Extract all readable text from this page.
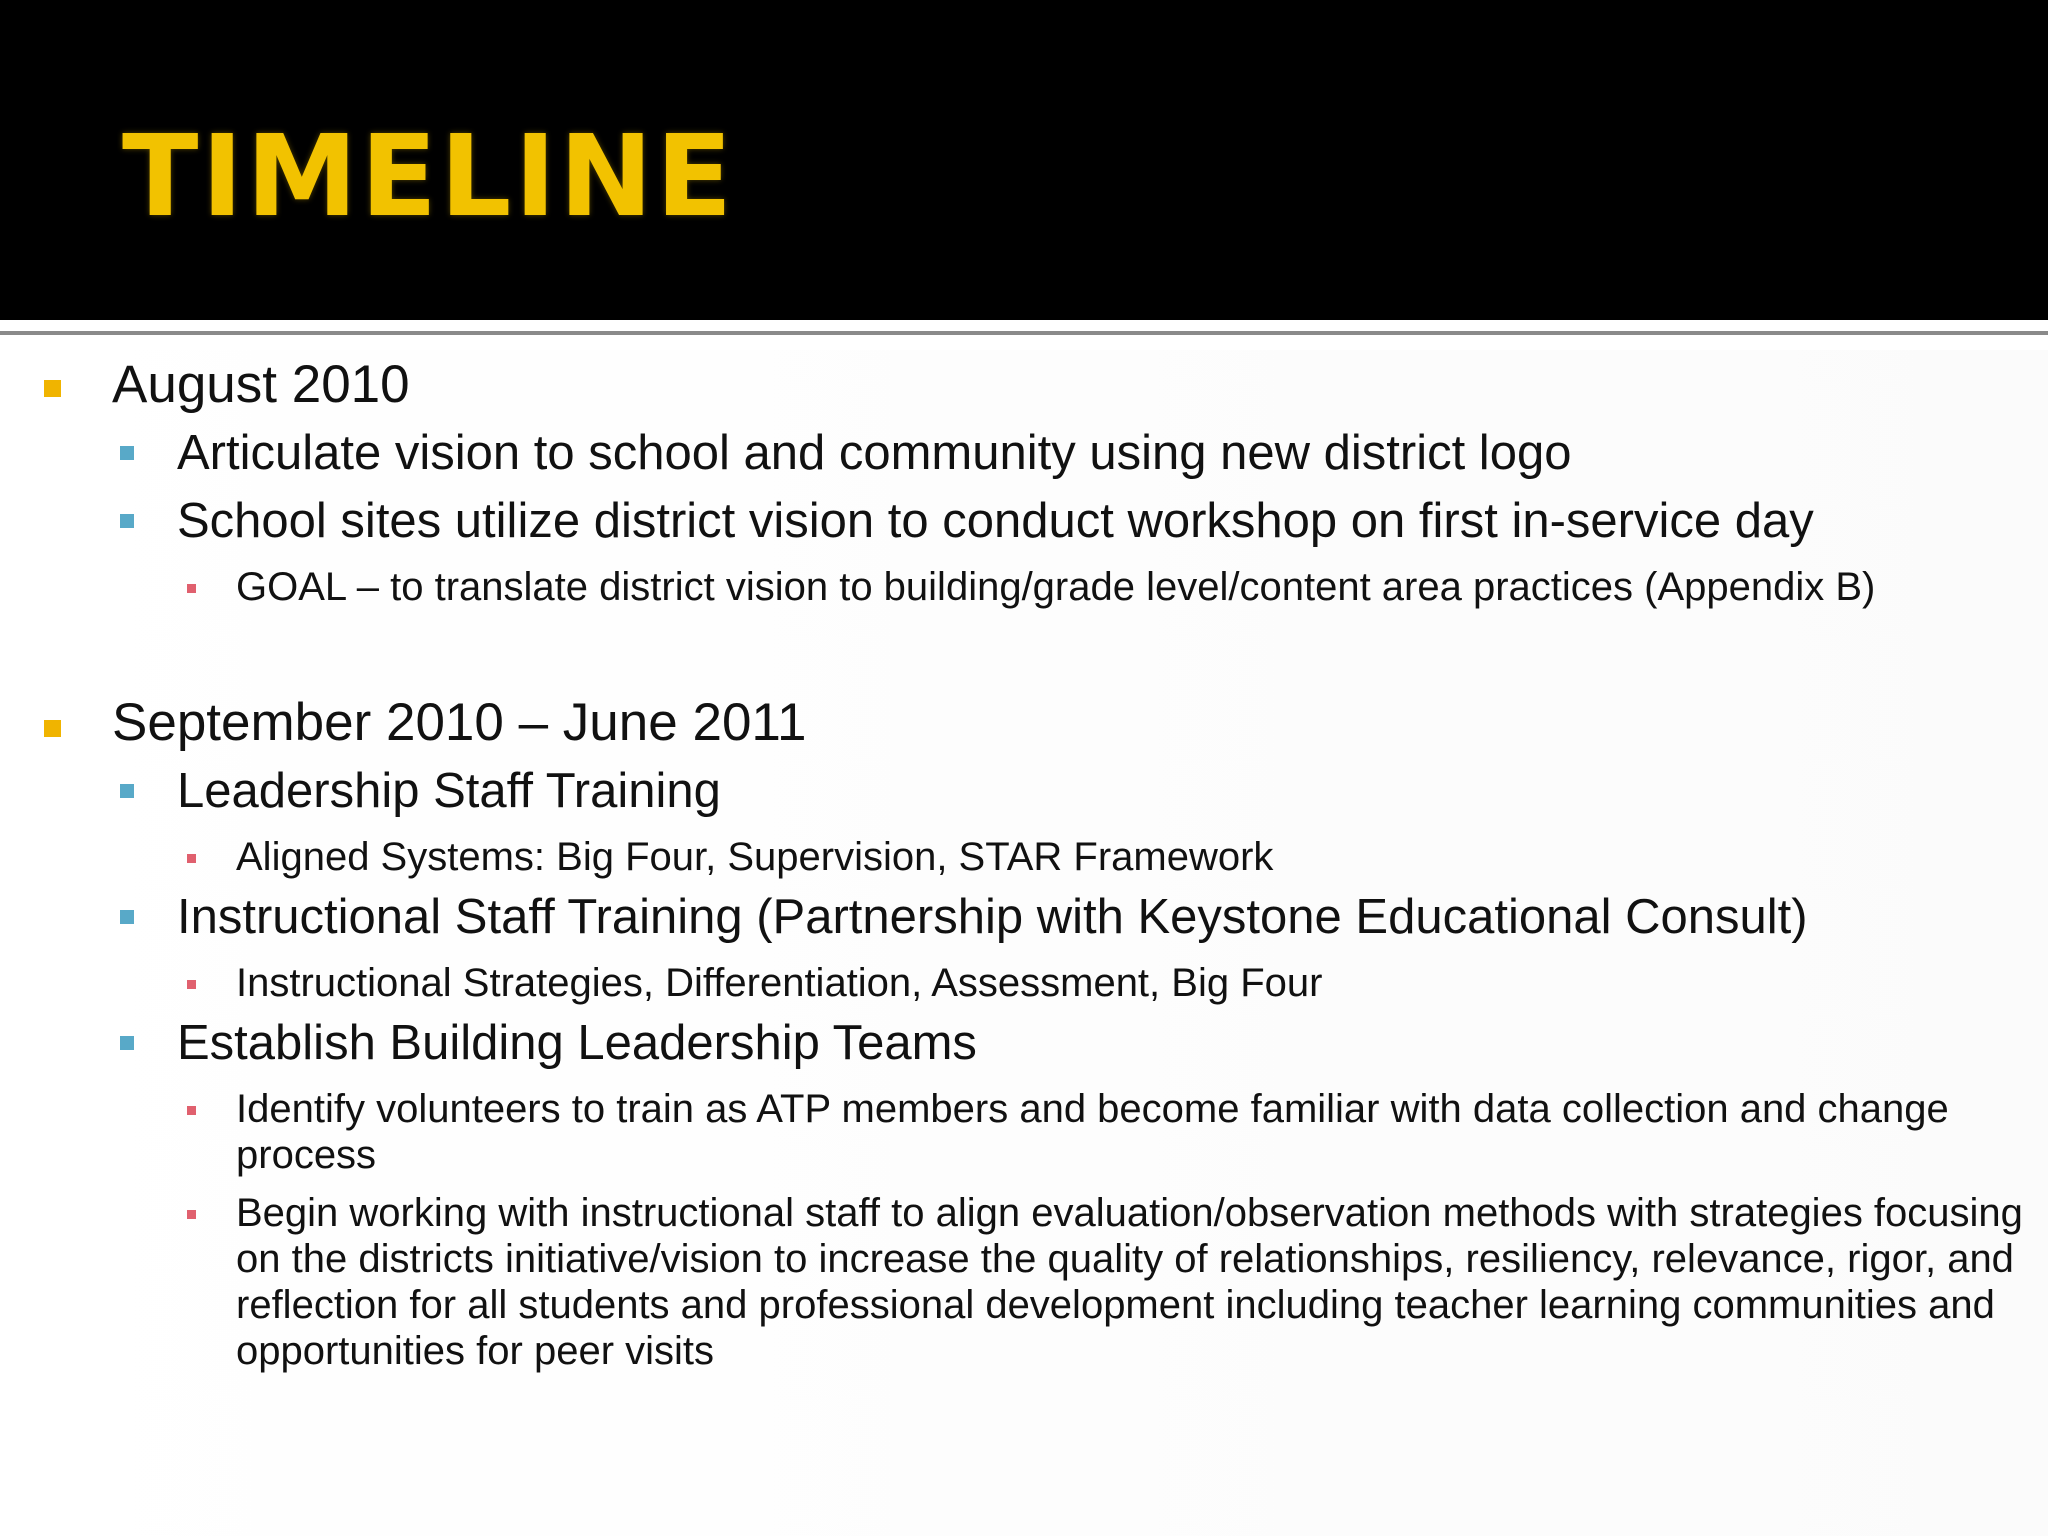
TIMELINE
August 2010
Articulate vision to school and community using new district logo
School sites utilize district vision to conduct workshop on first in-service day
GOAL – to translate district vision to building/grade level/content area practices (Appendix B)
September 2010 – June 2011
Leadership Staff Training
Aligned Systems: Big Four, Supervision, STAR Framework
Instructional Staff Training (Partnership with Keystone Educational Consult)
Instructional Strategies, Differentiation, Assessment, Big Four
Establish Building Leadership Teams
Identify volunteers to train as ATP members and become familiar with data collection and change process
Begin working with instructional staff to align evaluation/observation methods with strategies focusing on the districts initiative/vision to increase the quality of relationships, resiliency, relevance, rigor, and reflection for all students and professional development including teacher learning communities and opportunities for peer visits
